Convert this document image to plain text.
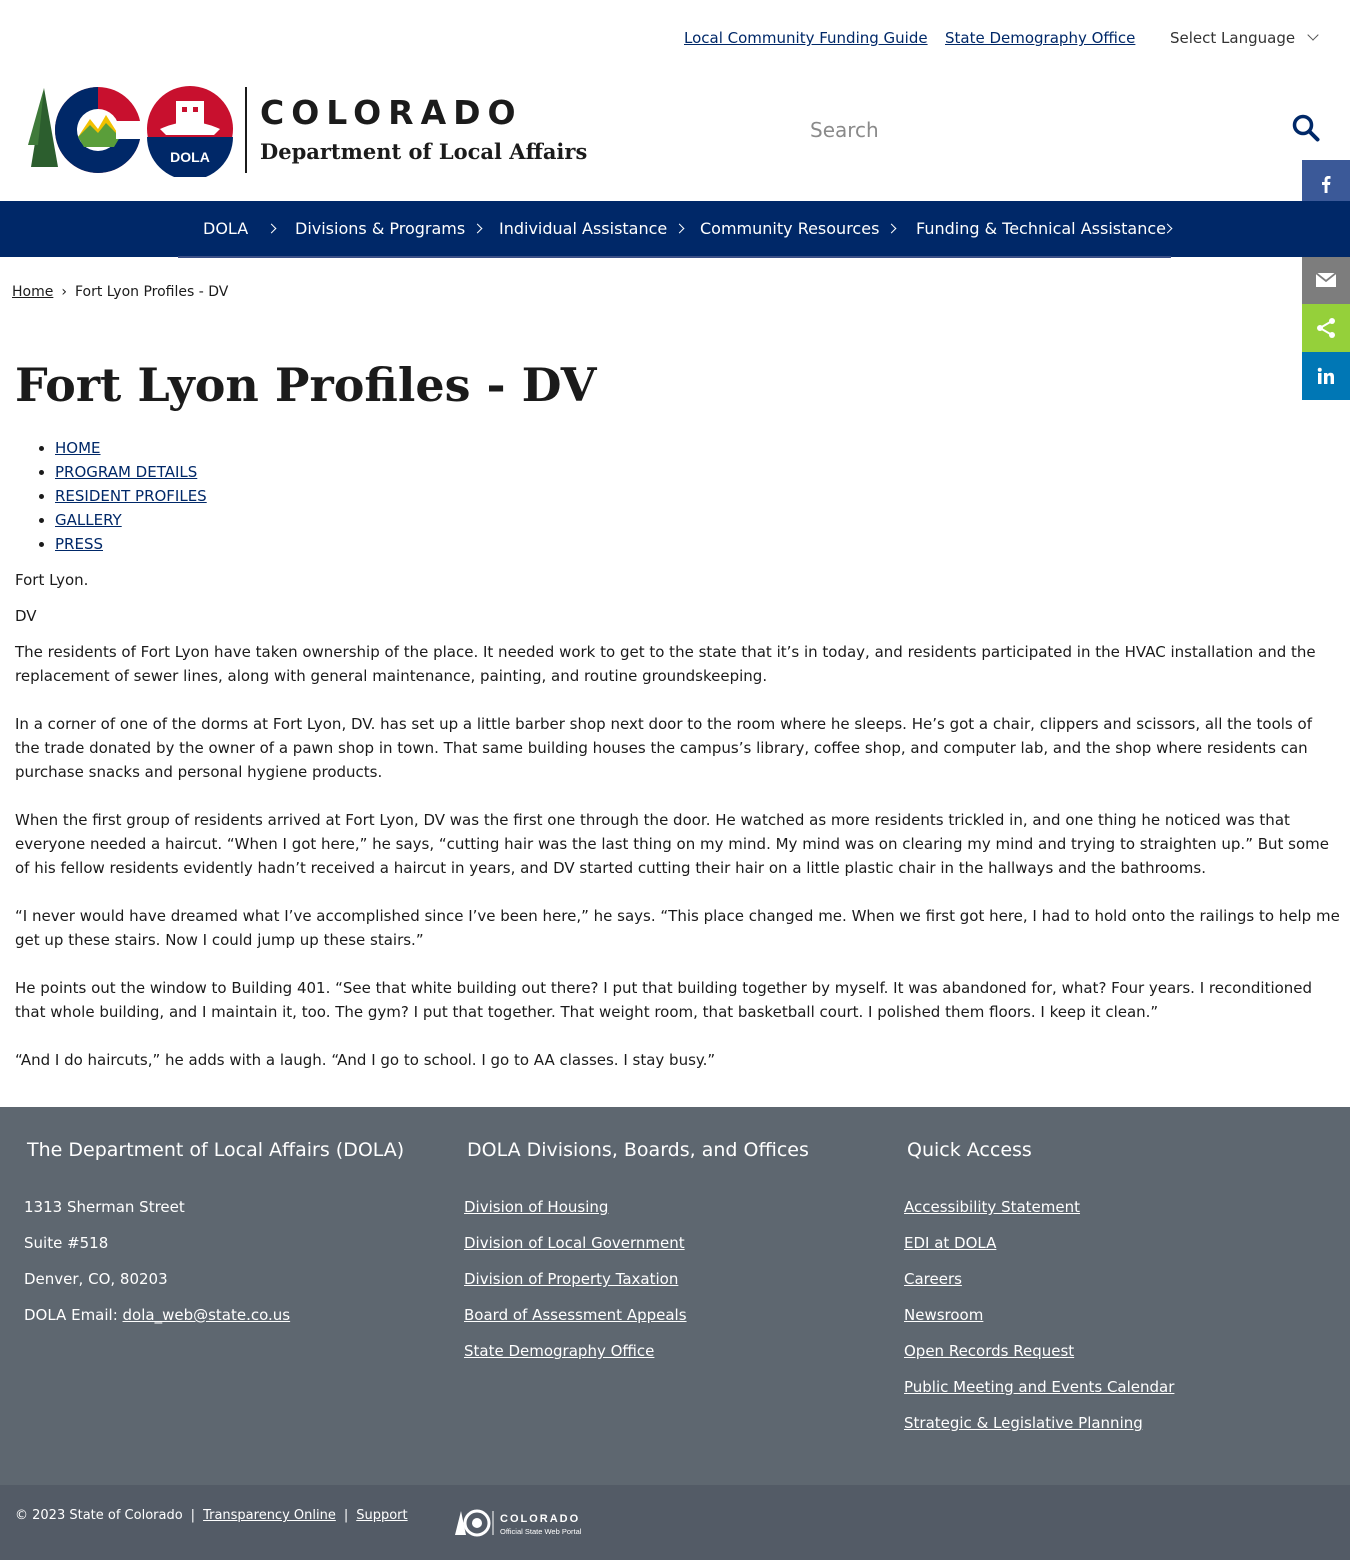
Local Community Funding Guide State Demography Office Select Language
DOLA
COLORADO
Department of Local Affairs
Search
DOLA	Divisions & Programs	Individual Assistance	Community Resources	Funding & Technical Assistance
Home › Fort Lyon Profiles - DV
Fort Lyon Profiles - DV
• HOME
• PROGRAM DETAILS
• RESIDENT PROFILES
• GALLERY
• PRESS

Fort Lyon.

DV

The residents of Fort Lyon have taken ownership of the place. It needed work to get to the state that it’s in today, and residents participated in the HVAC installation and the replacement of sewer lines, along with general maintenance, painting, and routine groundskeeping.

In a corner of one of the dorms at Fort Lyon, DV. has set up a little barber shop next door to the room where he sleeps. He’s got a chair, clippers and scissors, all the tools of the trade donated by the owner of a pawn shop in town. That same building houses the campus’s library, coffee shop, and computer lab, and the shop where residents can purchase snacks and personal hygiene products.

When the first group of residents arrived at Fort Lyon, DV was the first one through the door. He watched as more residents trickled in, and one thing he noticed was that everyone needed a haircut. “When I got here,” he says, “cutting hair was the last thing on my mind. My mind was on clearing my mind and trying to straighten up.” But some of his fellow residents evidently hadn’t received a haircut in years, and DV started cutting their hair on a little plastic chair in the hallways and the bathrooms.

“I never would have dreamed what I’ve accomplished since I’ve been here,” he says. “This place changed me. When we first got here, I had to hold onto the railings to help me get up these stairs. Now I could jump up these stairs.”

He points out the window to Building 401. “See that white building out there? I put that building together by myself. It was abandoned for, what? Four years. I reconditioned that whole building, and I maintain it, too. The gym? I put that together. That weight room, that basketball court. I polished them floors. I keep it clean.”

“And I do haircuts,” he adds with a laugh. “And I go to school. I go to AA classes. I stay busy.”

The Department of Local Affairs (DOLA)
1313 Sherman Street
Suite #518
Denver, CO, 80203
DOLA Email: dola_web@state.co.us
DOLA Divisions, Boards, and Offices
Division of Housing
Division of Local Government
Division of Property Taxation
Board of Assessment Appeals
State Demography Office
Quick Access
Accessibility Statement
EDI at DOLA
Careers
Newsroom
Open Records Request
Public Meeting and Events Calendar
Strategic & Legislative Planning
© 2023 State of Colorado | Transparency Online | Support	COLORADO
Official State Web Portal
